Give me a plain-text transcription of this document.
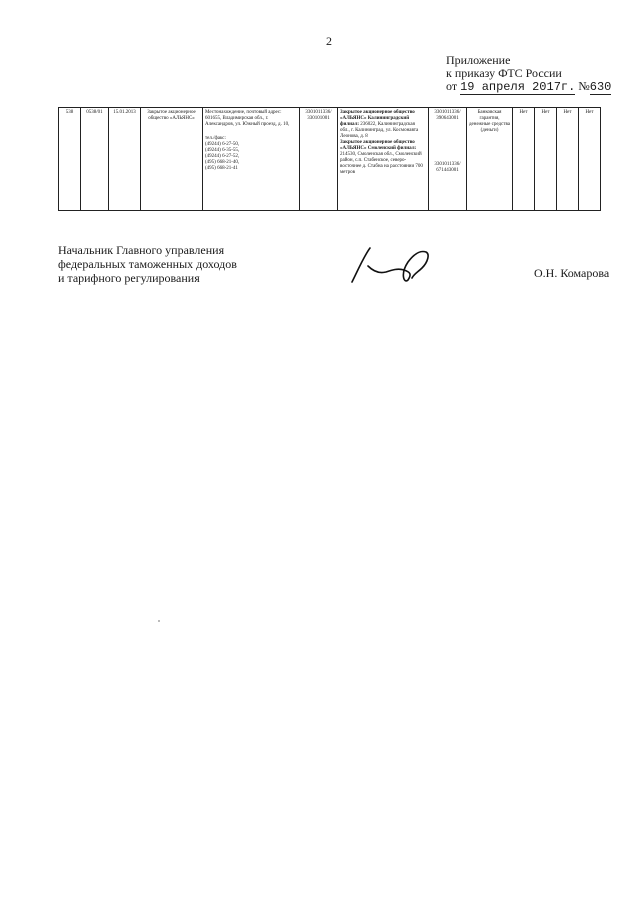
2
Приложение
к приказу ФТС России
от 19 апреля 2017г. №630
538	0538/01	15.01.2013	Закрытое акционерное общество «АЛЬЯНС»	Местонахождение, почтовый адрес: 601655, Владимирская обл., г. Александров, ул. Южный проезд, д. 10,
тел./факс:
(49244) 6-27-50,
(49244) 6-35-55,
(49244) 6-27-52,
(495) 668-21-40,
(495) 668-21-41	3301011336/ 330101001	Закрытое акционерное общество «АЛЬЯНС» Калининградский филиал: 236022, Калининградская обл., г. Калининград, ул. Космонавта Леонова, д. 8
Закрытое акционерное общество «АЛЬЯНС» Смоленский филиал: 214530, Смоленская обл., Смоленский район, с.п. Стабенское, северо-восточнее д. Стабна на расстоянии 700 метров	3301011336/ 390643001
3301011336/ 671443001	Банковская гарантия, денежные средства (деньги)	Нет	Нет	Нет	Нет
Начальник Главного управления
федеральных таможенных доходов
и тарифного регулирования	О.Н. Комарова
